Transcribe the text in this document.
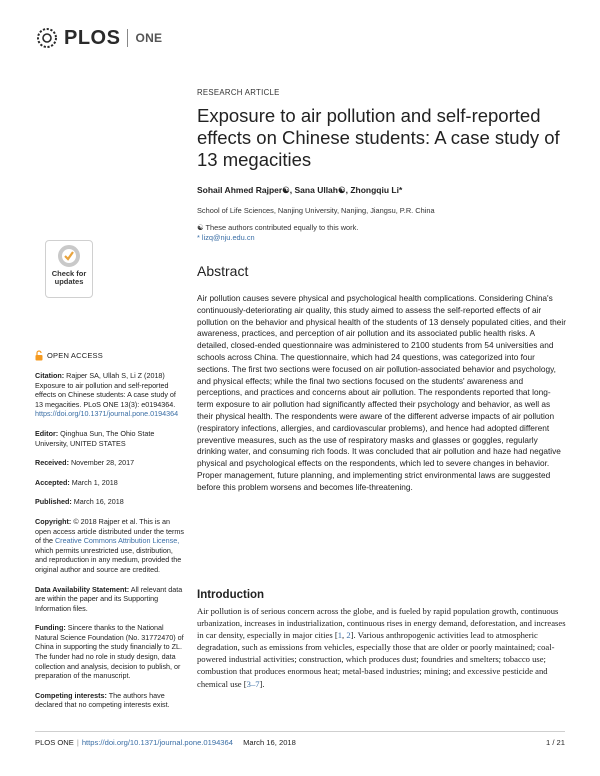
PLOS ONE
Check for
updates
OPEN ACCESS
Citation: Rajper SA, Ullah S, Li Z (2018) Exposure to air pollution and self-reported effects on Chinese students: A case study of 13 megacities. PLoS ONE 13(3): e0194364. https://doi.org/10.1371/journal.pone.0194364
Editor: Qinghua Sun, The Ohio State University, UNITED STATES
Received: November 28, 2017
Accepted: March 1, 2018
Published: March 16, 2018
Copyright: © 2018 Rajper et al. This is an open access article distributed under the terms of the Creative Commons Attribution License, which permits unrestricted use, distribution, and reproduction in any medium, provided the original author and source are credited.
Data Availability Statement: All relevant data are within the paper and its Supporting Information files.
Funding: Sincere thanks to the National Natural Science Foundation (No. 31772470) of China in supporting the study financially to ZL. The funder had no role in study design, data collection and analysis, decision to publish, or preparation of the manuscript.
Competing interests: The authors have declared that no competing interests exist.
RESEARCH ARTICLE
Exposure to air pollution and self-reported effects on Chinese students: A case study of 13 megacities
Sohail Ahmed Rajper☯, Sana Ullah☯, Zhongqiu Li*
School of Life Sciences, Nanjing University, Nanjing, Jiangsu, P.R. China
☯ These authors contributed equally to this work.
* lizq@nju.edu.cn
Abstract
Air pollution causes severe physical and psychological health complications. Considering China's continuously-deteriorating air quality, this study aimed to assess the self-reported effects of air pollution on the behavior and physical health of the students of 13 densely populated cities, and their awareness, practices, and perception of air pollution and its associated public health risks. A detailed, closed-ended questionnaire was administered to 2100 students from 54 universities and schools across China. The questionnaire, which had 24 questions, was categorized into four sections. The first two sections were focused on air pollution-associated behavior and psychology, and physical effects; while the final two sections focused on the students' awareness and perceptions, and practices and concerns about air pollution. The respondents reported that long-term exposure to air pollution had significantly affected their psychology and behavior, as well as their physical health. The respondents were aware of the different adverse impacts of air pollution (respiratory infections, allergies, and cardiovascular problems), and hence had adopted different preventive measures, such as the use of respiratory masks and glasses or goggles, regularly drinking water, and consuming rich foods. It was concluded that air pollution and haze had negative physical and psychological effects on the respondents, which led to severe changes in behavior. Proper management, future planning, and implementing strict environmental laws are suggested before this problem worsens and becomes life-threatening.
Introduction
Air pollution is of serious concern across the globe, and is fueled by rapid population growth, continuous urbanization, increases in industrialization, continuous rises in energy demand, deforestation, and increases in car density, especially in major cities [1, 2]. Various anthropogenic activities lead to atmospheric degradation, such as emissions from vehicles, especially those that are older or poorly maintained; coal-powered industrial activities; construction, which produces dust; foundries and smelters; tobacco use; combustion that produces enormous heat; metal-based industries; mining; and excessive pesticide and chemical use [3–7].
PLOS ONE | https://doi.org/10.1371/journal.pone.0194364 March 16, 2018	1 / 21
